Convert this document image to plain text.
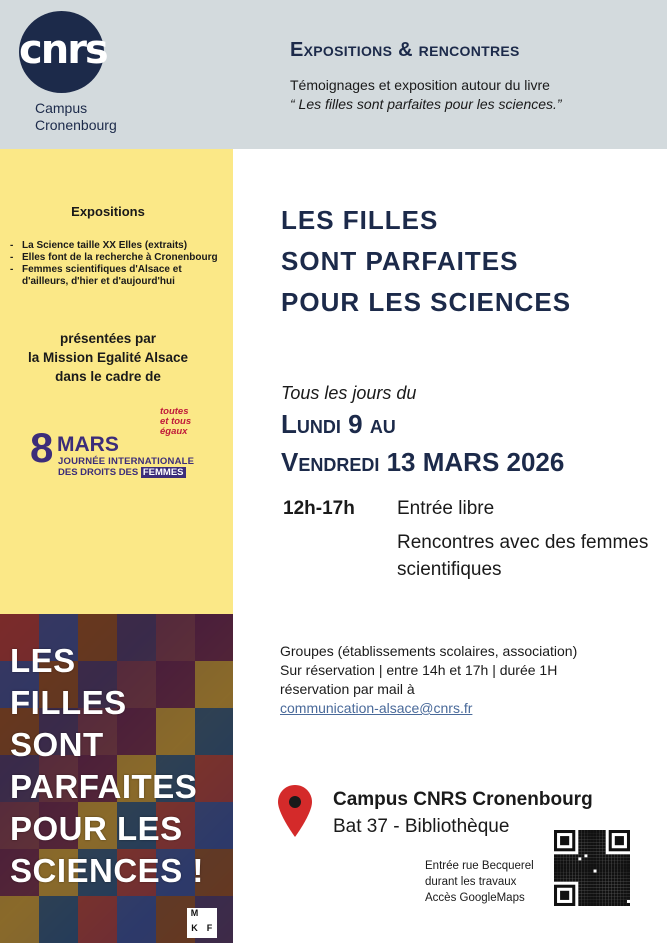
cnrs
Campus
Cronenbourg
Expositions & rencontres
Témoignages et exposition autour du livre
“ Les filles sont parfaites pour les sciences.”
Expositions
- La Science taille XX Elles (extraits)
- Elles font de la recherche à Cronenbourg
- Femmes scientifiques d'Alsace et d'ailleurs, d'hier et d'aujourd'hui
présentées par
la Mission Egalité Alsace
dans le cadre de
toutes
et tous
égaux
8 MARS
JOURNÉE INTERNATIONALE
DES DROITS DES FEMMES
LES
FILLES
SONT
PARFAITES
POUR LES
SCIENCES !
M
K	F
LES FILLES
SONT PARFAITES
POUR LES SCIENCES
Tous les jours du
Lundi 9 au
Vendredi 13 MARS 2026
12h-17h Entrée libre
Rencontres avec des femmes scientifiques
Groupes (établissements scolaires, association)
Sur réservation | entre 14h et 17h | durée 1H
réservation par mail à
communication-alsace@cnrs.fr
Campus CNRS Cronenbourg
Bat 37 - Bibliothèque
Entrée rue Becquerel
durant les travaux
Accès GoogleMaps
